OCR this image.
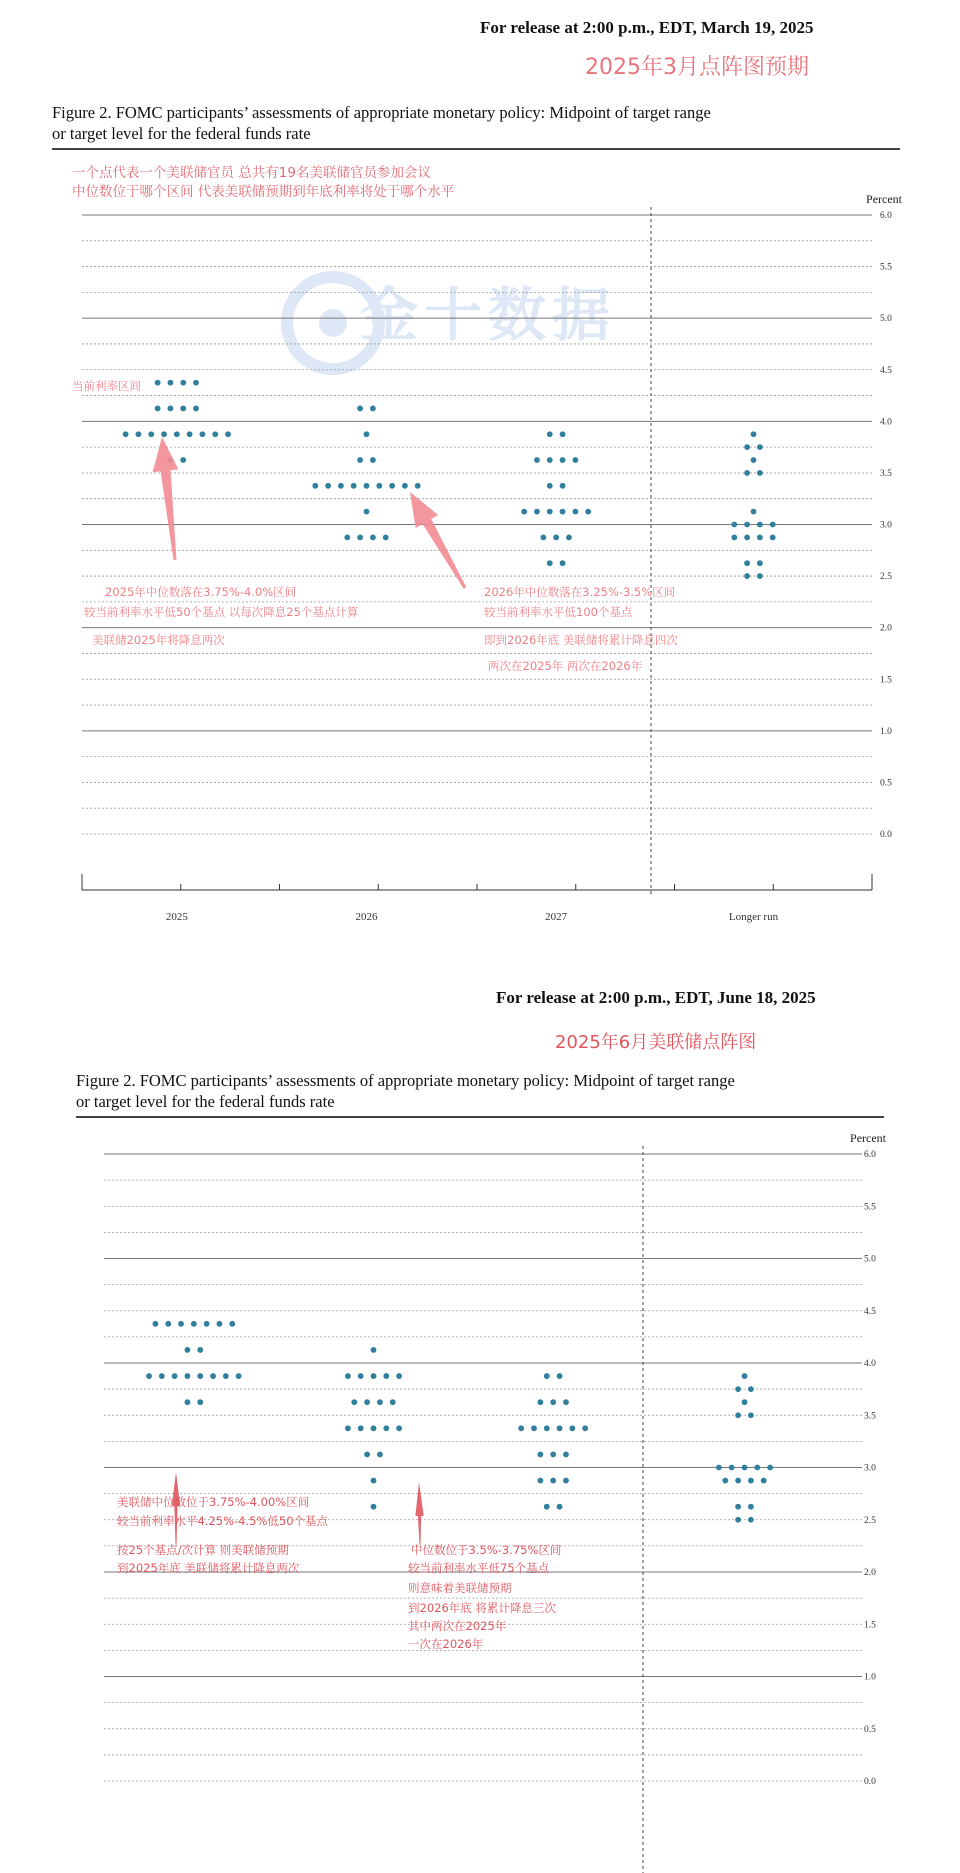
For release at 2:00 p.m., EDT, March 19, 2025
2025年3月点阵图预期
Figure 2. FOMC participants’ assessments of appropriate monetary policy: Midpoint of target range
or target level for the federal funds rate
金十数据
一个点代表一个美联储官员 总共有19名美联储官员参加会议
中位数位于哪个区间 代表美联储预期到年底利率将处于哪个水平
0.0
0.5
1.0
1.5
2.0
2.5
3.0
3.5
4.0
4.5
5.0
5.5
6.0
Percent
2025	2026	2027	Longer run
当前利率区间
2025年中位数落在3.75%-4.0%区间
较当前利率水平低50个基点 以每次降息25个基点计算
美联储2025年将降息两次
2026年中位数落在3.25%-3.5%区间
较当前利率水平低100个基点
即到2026年底 美联储将累计降息四次
两次在2025年 两次在2026年
For release at 2:00 p.m., EDT, June 18, 2025
2025年6月美联储点阵图
Figure 2. FOMC participants’ assessments of appropriate monetary policy: Midpoint of target range
or target level for the federal funds rate
0.0
0.5
1.0
1.5
2.0
2.5
3.0
3.5
4.0
4.5
5.0
5.5
6.0
Percent
美联储中位数位于3.75%-4.00%区间
较当前利率水平4.25%-4.5%低50个基点
按25个基点/次计算 则美联储预期
到2025年底 美联储将累计降息两次
中位数位于3.5%-3.75%区间
较当前利率水平低75个基点
则意味着美联储预期
到2026年底 将累计降息三次
其中两次在2025年
一次在2026年
